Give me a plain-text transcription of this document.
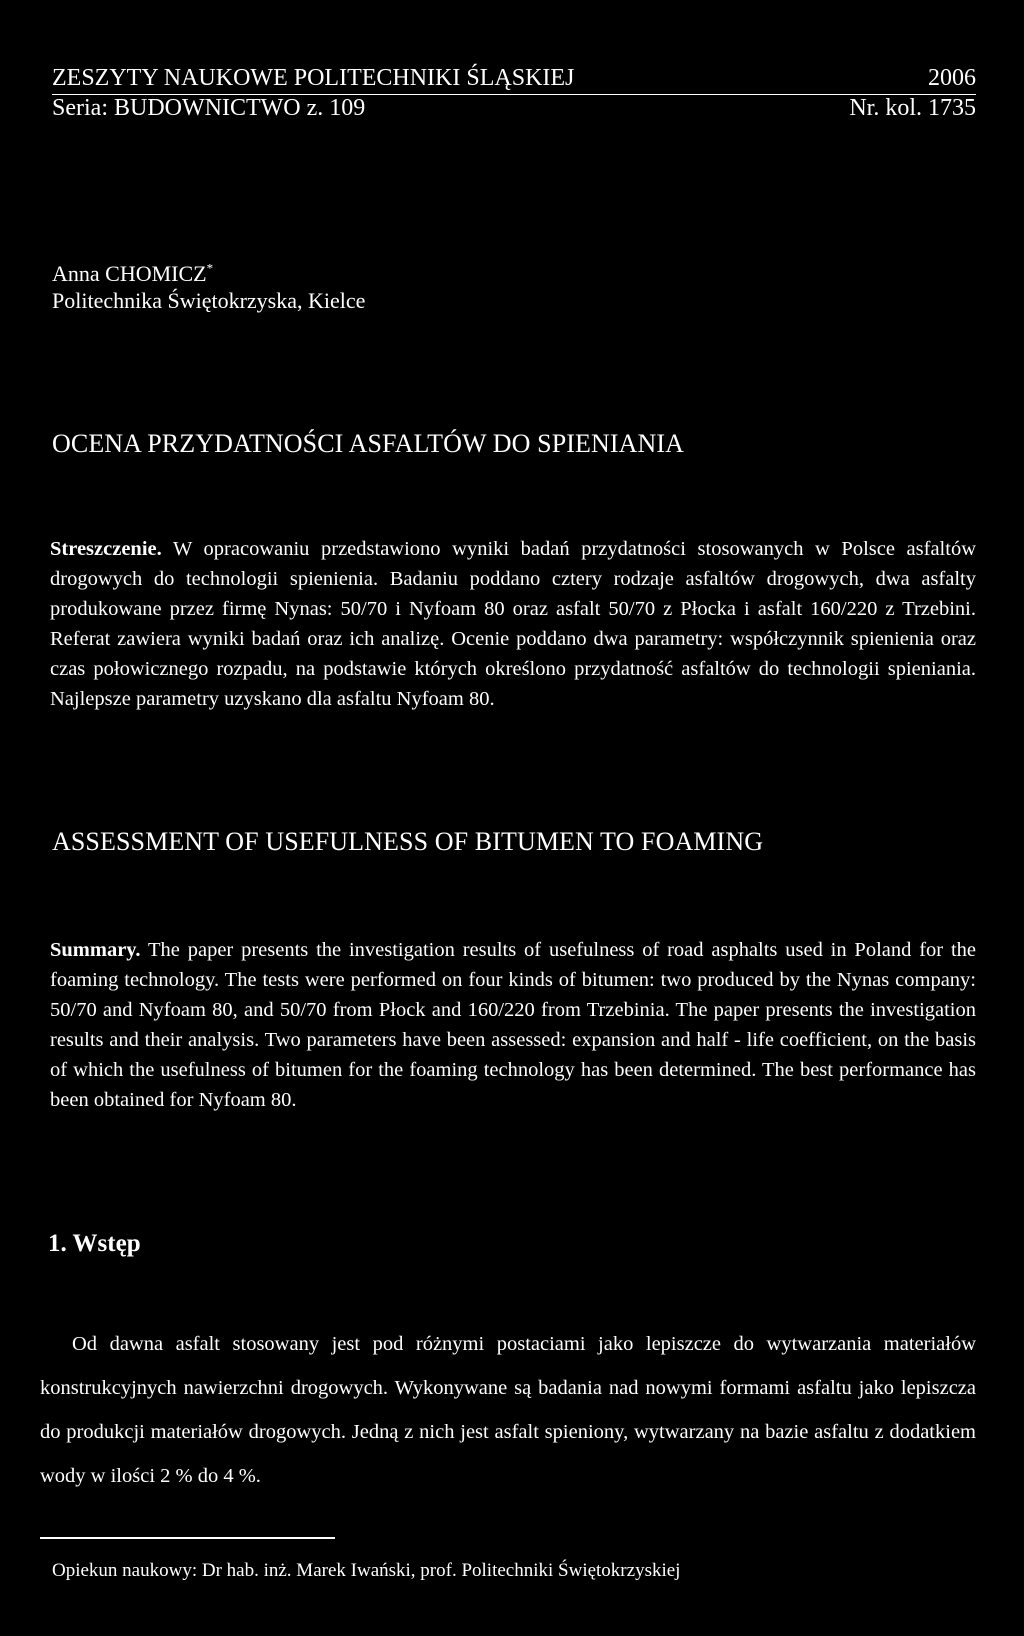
ZESZYTY NAUKOWE POLITECHNIKI ŚLĄSKIEJ	2006
Seria: BUDOWNICTWO z. 109	Nr. kol. 1735
Anna CHOMICZ*
Politechnika Świętokrzyska, Kielce
OCENA PRZYDATNOŚCI ASFALTÓW DO SPIENIANIA
Streszczenie. W opracowaniu przedstawiono wyniki badań przydatności stosowanych w Polsce asfaltów drogowych do technologii spienienia. Badaniu poddano cztery rodzaje asfaltów drogowych, dwa asfalty produkowane przez firmę Nynas: 50/70 i Nyfoam 80 oraz asfalt 50/70 z Płocka i asfalt 160/220 z Trzebini. Referat zawiera wyniki badań oraz ich analizę. Ocenie poddano dwa parametry: współczynnik spienienia oraz czas połowicznego rozpadu, na podstawie których określono przydatność asfaltów do technologii spieniania. Najlepsze parametry uzyskano dla asfaltu Nyfoam 80.
ASSESSMENT OF USEFULNESS OF BITUMEN TO FOAMING
Summary. The paper presents the investigation results of usefulness of road asphalts used in Poland for the foaming technology. The tests were performed on four kinds of bitumen: two produced by the Nynas company: 50/70 and Nyfoam 80, and 50/70 from Płock and 160/220 from Trzebinia. The paper presents the investigation results and their analysis. Two parameters have been assessed: expansion and half - life coefficient, on the basis of which the usefulness of bitumen for the foaming technology has been determined. The best performance has been obtained for Nyfoam 80.
1. Wstęp
Od dawna asfalt stosowany jest pod różnymi postaciami jako lepiszcze do wytwarzania materiałów konstrukcyjnych nawierzchni drogowych. Wykonywane są badania nad nowymi formami asfaltu jako lepiszcza do produkcji materiałów drogowych. Jedną z nich jest asfalt spieniony, wytwarzany na bazie asfaltu z dodatkiem wody w ilości 2 % do 4 %.
Opiekun naukowy: Dr hab. inż. Marek Iwański, prof. Politechniki Świętokrzyskiej
